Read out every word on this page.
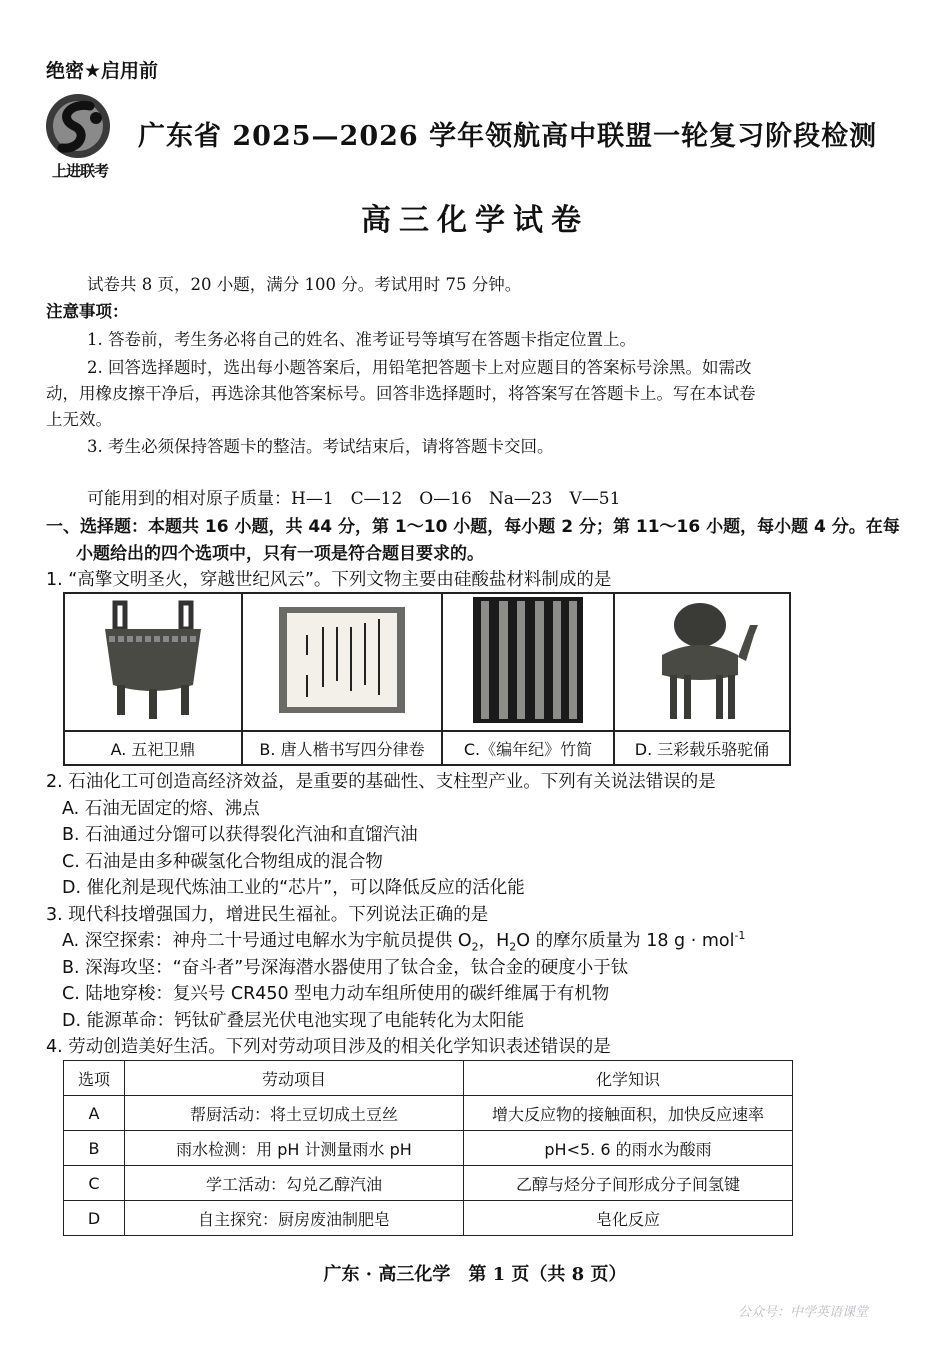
绝密★启用前
上进联考
广东省 2025—2026 学年领航高中联盟一轮复习阶段检测
高三化学试卷
试卷共 8 页，20 小题，满分 100 分。考试用时 75 分钟。
注意事项：
1. 答卷前，考生务必将自己的姓名、准考证号等填写在答题卡指定位置上。
2. 回答选择题时，选出每小题答案后，用铅笔把答题卡上对应题目的答案标号涂黑。如需改
动，用橡皮擦干净后，再选涂其他答案标号。回答非选择题时，将答案写在答题卡上。写在本试卷
上无效。
3. 考生必须保持答题卡的整洁。考试结束后，请将答题卡交回。
可能用到的相对原子质量：H—1　C—12　O—16　Na—23　V—51
一、选择题：本题共 16 小题，共 44 分，第 1～10 小题，每小题 2 分；第 11～16 小题，每小题 4 分。在每
小题给出的四个选项中，只有一项是符合题目要求的。
1. “高擎文明圣火，穿越世纪风云”。下列文物主要由硅酸盐材料制成的是

A. 五祀卫鼎	B. 唐人楷书写四分律卷	C.《编年纪》竹简	D. 三彩载乐骆驼俑
2. 石油化工可创造高经济效益，是重要的基础性、支柱型产业。下列有关说法错误的是
A. 石油无固定的熔、沸点
B. 石油通过分馏可以获得裂化汽油和直馏汽油
C. 石油是由多种碳氢化合物组成的混合物
D. 催化剂是现代炼油工业的“芯片”，可以降低反应的活化能
3. 现代科技增强国力，增进民生福祉。下列说法正确的是
A. 深空探索：神舟二十号通过电解水为宇航员提供 $O_2$，$H_2O$ 的摩尔质量为 18 g · mol$^{-1}$
B. 深海攻坚：“奋斗者”号深海潜水器使用了钛合金，钛合金的硬度小于钛
C. 陆地穿梭：复兴号 CR450 型电力动车组所使用的碳纤维属于有机物
D. 能源革命：钙钛矿叠层光伏电池实现了电能转化为太阳能
4. 劳动创造美好生活。下列对劳动项目涉及的相关化学知识表述错误的是
选项	劳动项目	化学知识
A	帮厨活动：将土豆切成土豆丝	增大反应物的接触面积，加快反应速率
B	雨水检测：用 pH 计测量雨水 pH	pH<5. 6 的雨水为酸雨
C	学工活动：勾兑乙醇汽油	乙醇与烃分子间形成分子间氢键
D	自主探究：厨房废油制肥皂	皂化反应
广东 · 高三化学　第 1 页（共 8 页）
公众号：中学英语课堂
